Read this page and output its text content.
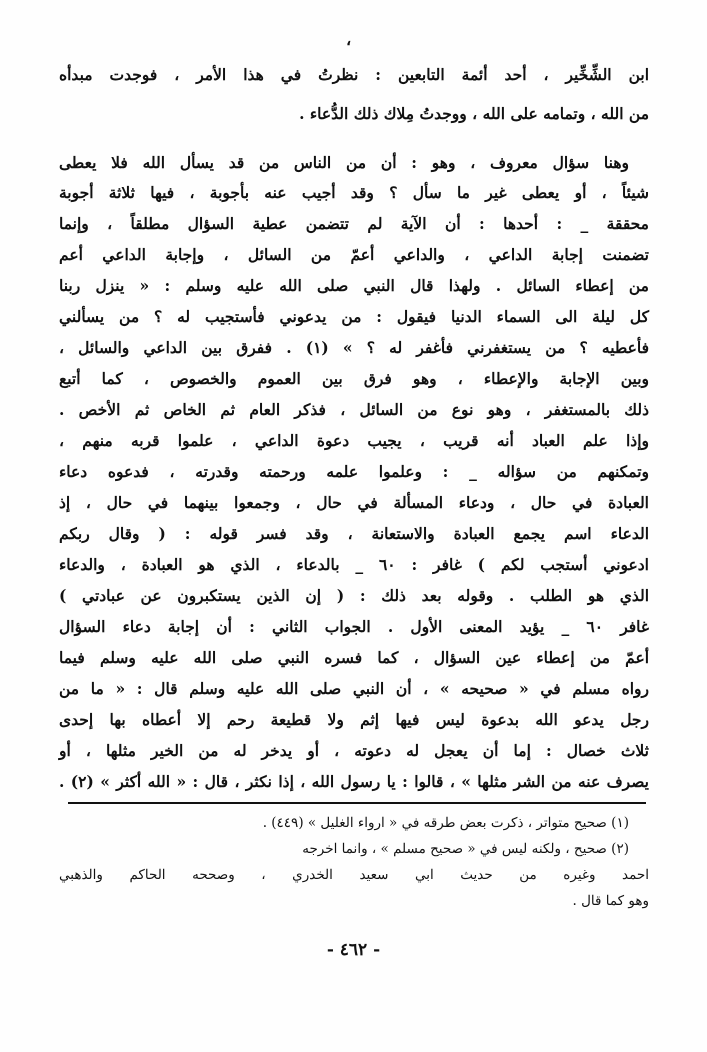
،
ابن الشِّخِّير ، أحد أئمة التابعين : نظرتُ في هذا الأمر ، فوجدت مبدأه
من الله ، وتمامه على الله ، ووجدتُ مِلاك ذلك الدُّعاء .
وهنا سؤال معروف ، وهو : أن من الناس من قد يسأل الله فلا يعطى
شيئاً ، أو يعطى غير ما سأل ؟ وقد أجيب عنه بأجوبة ، فيها ثلاثة أجوبة
محققة _ : أحدها : أن الآية لم تتضمن عطية السؤال مطلقاً ، وإنما
تضمنت إجابة الداعي ، والداعي أعمّ من السائل ، وإجابة الداعي أعم
من إعطاء السائل . ولهذا قال النبي صلى الله عليه وسلم : « ينزل ربنا
كل ليلة الى السماء الدنيا فيقول : من يدعوني فأستجيب له ؟ من يسألني
فأعطيه ؟ من يستغفرني فأغفر له ؟ » (١) . ففرق بين الداعي والسائل ،
وبين الإجابة والإعطاء ، وهو فرق بين العموم والخصوص ، كما أتبع
ذلك بالمستغفر ، وهو نوع من السائل ، فذكر العام ثم الخاص ثم الأخص .
وإذا علم العباد أنه قريب ، يجيب دعوة الداعي ، علموا قربه منهم ،
وتمكنهم من سؤاله _ : وعلموا علمه ورحمته وقدرته ، فدعوه دعاء
العبادة في حال ، ودعاء المسألة في حال ، وجمعوا بينهما في حال ، إذ
الدعاء اسم يجمع العبادة والاستعانة ، وقد فسر قوله : ( وقال ربكم
ادعوني أستجب لكم ) غافر : ٦٠ _ بالدعاء ، الذي هو العبادة ، والدعاء
الذي هو الطلب . وقوله بعد ذلك : ( إن الذين يستكبرون عن عبادتي )
غافر ٦٠ _ يؤيد المعنى الأول . الجواب الثاني : أن إجابة دعاء السؤال
أعمّ من إعطاء عين السؤال ، كما فسره النبي صلى الله عليه وسلم فيما
رواه مسلم في « صحيحه » ، أن النبي صلى الله عليه وسلم قال : « ما من
رجل يدعو الله بدعوة ليس فيها إثم ولا قطيعة رحم إلا أعطاه بها إحدى
ثلاث خصال : إما أن يعجل له دعوته ، أو يدخر له من الخير مثلها ، أو
يصرف عنه من الشر مثلها » ، قالوا : يا رسول الله ، إذا نكثر ، قال : « الله أكثر » (٢) .
(١) صحيح متواتر ، ذكرت بعض طرقه في « ارواء الغليل » (٤٤٩) .
(٢) صحيح ، ولكنه ليس في « صحيح مسلم » ، وانما اخرجه
احمد وغيره من حديث ابي سعيد الخدري ، وصححه الحاكم والذهبي
وهو كما قال .
- ٤٦٢ -
